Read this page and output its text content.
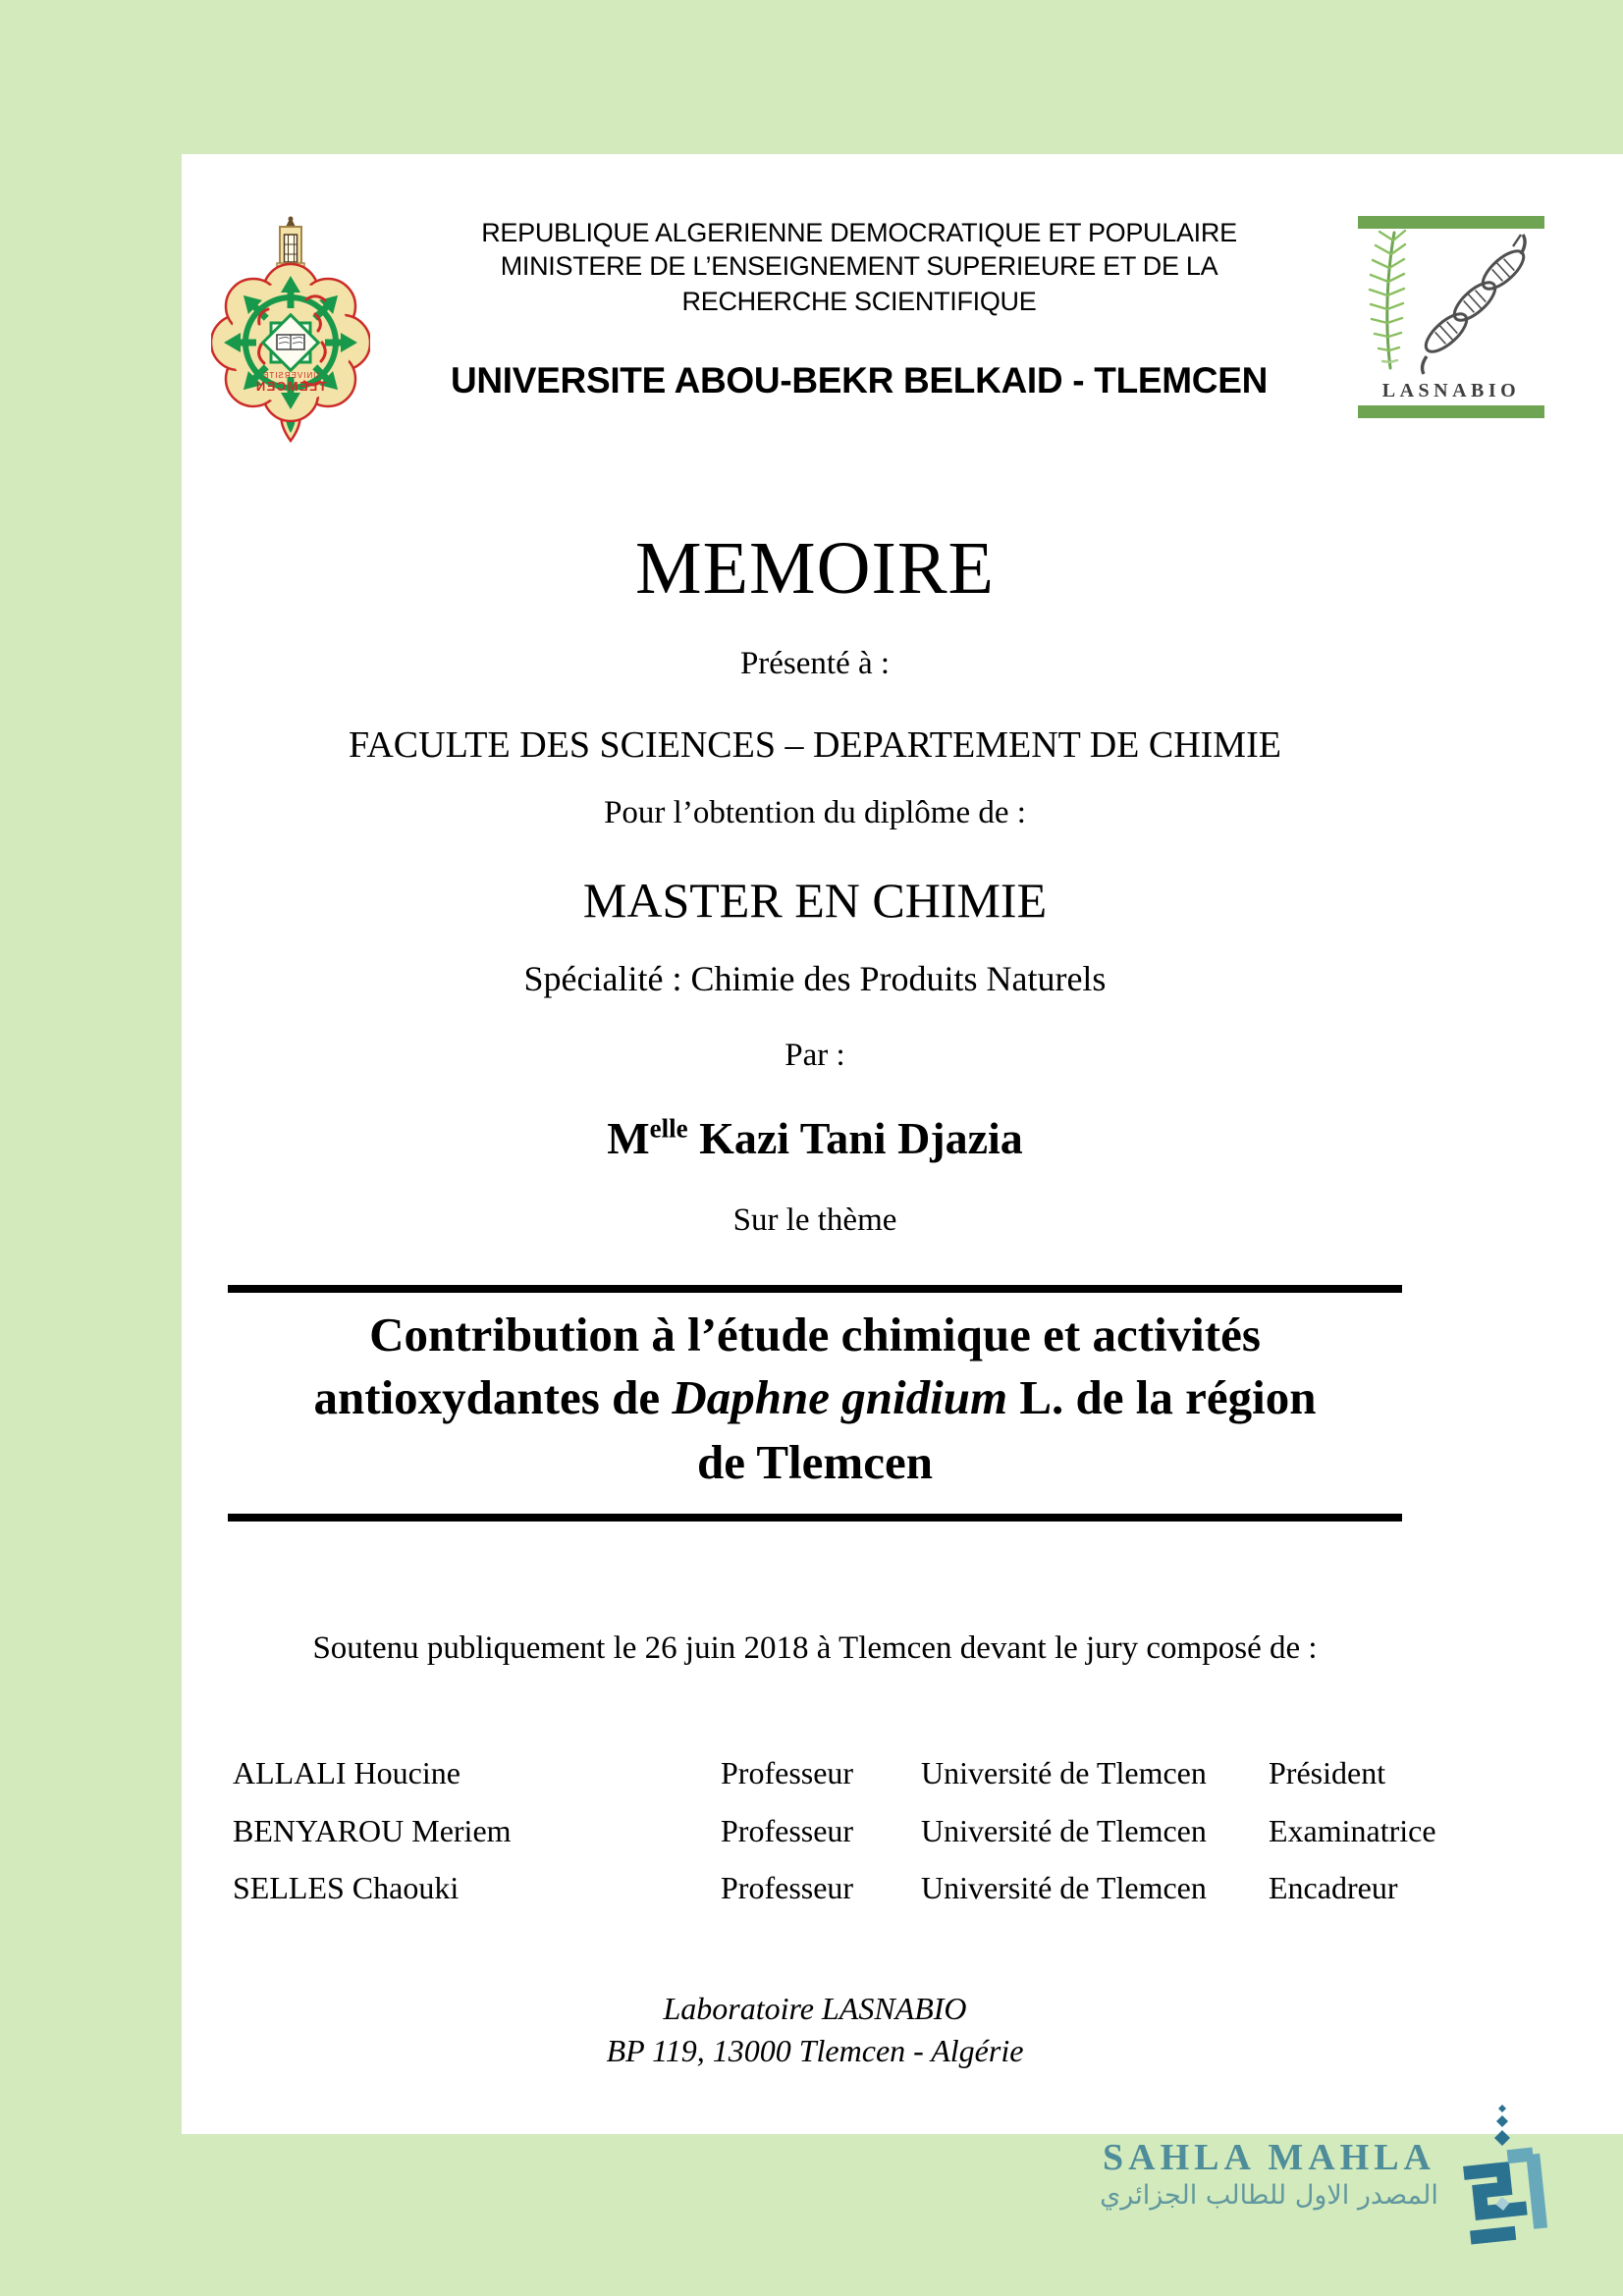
UNIVERSITE
TLEMCEN	LASNABIO
REPUBLIQUE ALGERIENNE DEMOCRATIQUE ET POPULAIRE
MINISTERE DE L’ENSEIGNEMENT SUPERIEURE ET DE LA
RECHERCHE SCIENTIFIQUE
UNIVERSITE ABOU-BEKR BELKAID - TLEMCEN
MEMOIRE
Présenté à :
FACULTE DES SCIENCES – DEPARTEMENT DE CHIMIE
Pour l’obtention du diplôme de :
MASTER EN CHIMIE
Spécialité : Chimie des Produits Naturels
Par :
$M^{elle}$ Kazi Tani Djazia
Sur le thème
Contribution à l’étude chimique et activités
antioxydantes de Daphne gnidium L. de la région
de Tlemcen
Soutenu publiquement le 26 juin 2018 à Tlemcen devant le jury composé de :
ALLALI Houcine	Professeur Université de Tlemcen Président
BENYAROU Meriem	Professeur Université de Tlemcen Examinatrice
SELLES Chaouki	Professeur Université de Tlemcen Encadreur
Laboratoire LASNABIO
BP 119, 13000 Tlemcen - Algérie
SAHLA MAHLA
المصدر الاول للطالب الجزائري
